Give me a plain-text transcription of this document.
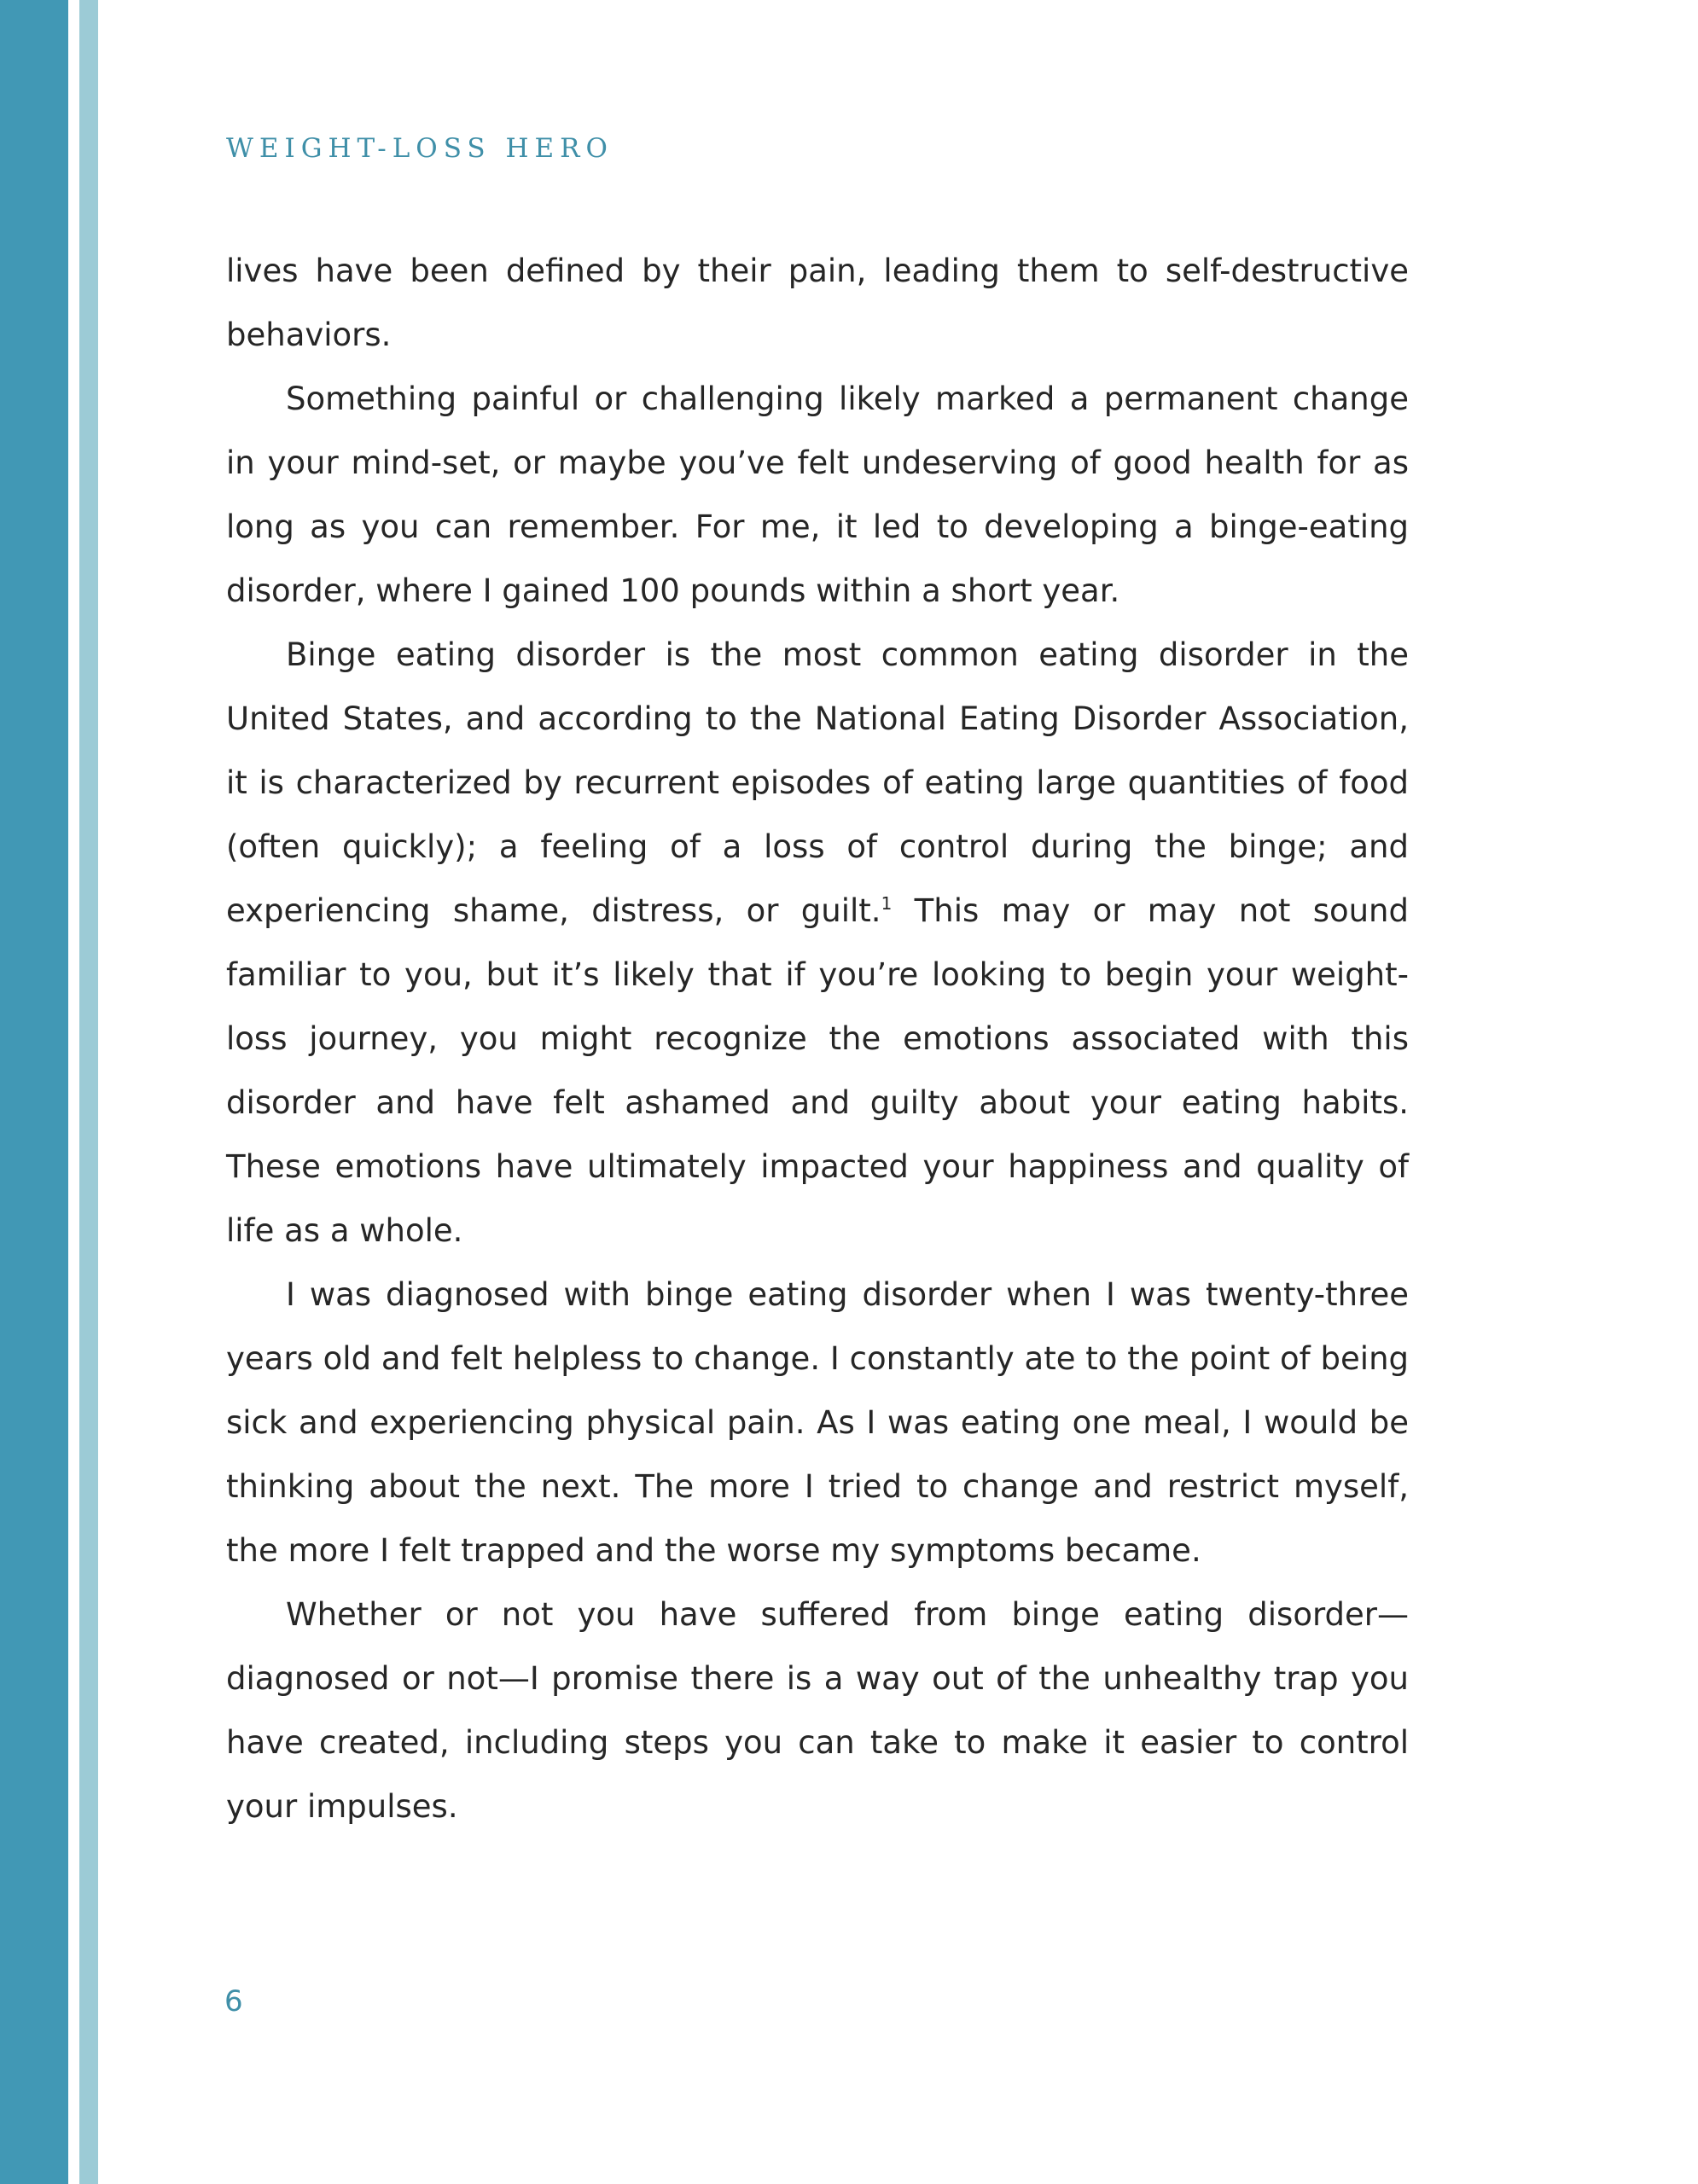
WEIGHT-LOSS HERO

lives have been defined by their pain, leading them to self-destructive behaviors.

Something painful or challenging likely marked a permanent change in your mind-set, or maybe you’ve felt undeserving of good health for as long as you can remember. For me, it led to developing a binge-eating disorder, where I gained 100 pounds within a short year.

Binge eating disorder is the most common eating disorder in the United States, and according to the National Eating Disorder Association, it is characterized by recurrent episodes of eating large quantities of food (often quickly); a feeling of a loss of control during the binge; and experiencing shame, distress, or guilt.$^1$ This may or may not sound familiar to you, but it’s likely that if you’re looking to begin your weight-loss journey, you might recognize the emotions associated with this disorder and have felt ashamed and guilty about your eating habits. These emotions have ultimately impacted your happiness and quality of life as a whole.

I was diagnosed with binge eating disorder when I was twenty-three years old and felt helpless to change. I constantly ate to the point of being sick and experiencing physical pain. As I was eating one meal, I would be thinking about the next. The more I tried to change and restrict myself, the more I felt trapped and the worse my symptoms became.

Whether or not you have suffered from binge eating disorder—diagnosed or not—I promise there is a way out of the unhealthy trap you have created, including steps you can take to make it easier to control your impulses.

6
